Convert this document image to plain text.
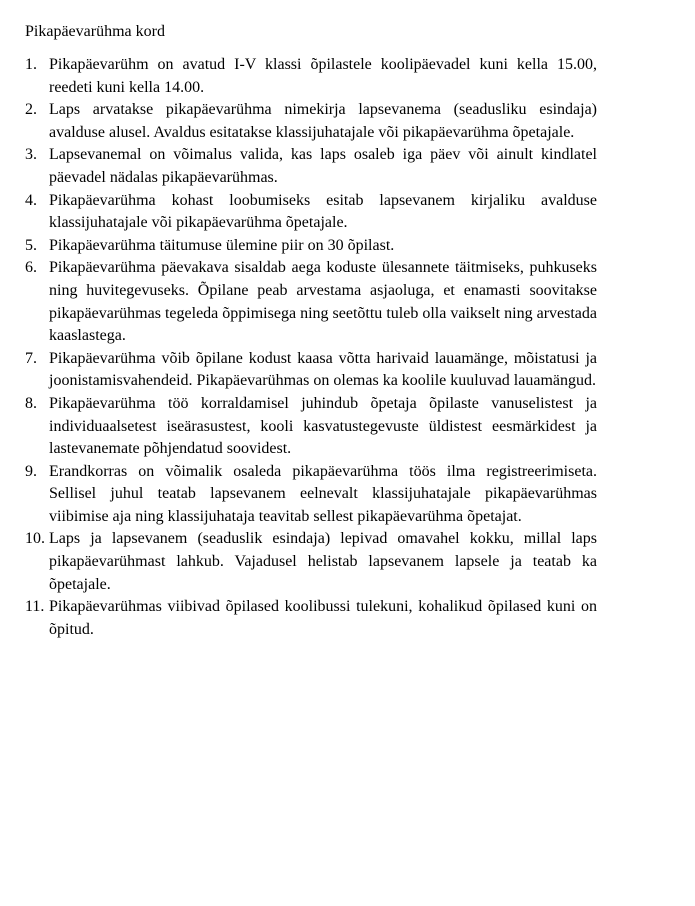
Pikapäevarühma kord
1. Pikapäevarühm on avatud I-V klassi õpilastele koolipäevadel kuni kella 15.00, reedeti kuni kella 14.00.
2. Laps arvatakse pikapäevarühma nimekirja lapsevanema (seadusliku esindaja) avalduse alusel. Avaldus esitatakse klassijuhatajale või pikapäevarühma õpetajale.
3. Lapsevanemal on võimalus valida, kas laps osaleb iga päev või ainult kindlatel päevadel nädalas pikapäevarühmas.
4. Pikapäevarühma kohast loobumiseks esitab lapsevanem kirjaliku avalduse klassijuhatajale või pikapäevarühma õpetajale.
5. Pikapäevarühma täitumuse ülemine piir on 30 õpilast.
6. Pikapäevarühma päevakava sisaldab aega koduste ülesannete täitmiseks, puhkuseks ning huvitegevuseks. Õpilane peab arvestama asjaoluga, et enamasti soovitakse pikapäevarühmas tegeleda õppimisega ning seetõttu tuleb olla vaikselt ning arvestada kaaslastega.
7. Pikapäevarühma võib õpilane kodust kaasa võtta harivaid lauamänge, mõistatusi ja joonistamisvahendeid. Pikapäevarühmas on olemas ka koolile kuuluvad lauamängud.
8. Pikapäevarühma töö korraldamisel juhindub õpetaja õpilaste vanuselistest ja individuaalsetest iseärasustest, kooli kasvatustegevuste üldistest eesmärkidest ja lastevanemate põhjendatud soovidest.
9. Erandkorras on võimalik osaleda pikapäevarühma töös ilma registreerimiseta. Sellisel juhul teatab lapsevanem eelnevalt klassijuhatajale pikapäevarühmas viibimise aja ning klassijuhataja teavitab sellest pikapäevarühma õpetajat.
10. Laps ja lapsevanem (seaduslik esindaja) lepivad omavahel kokku, millal laps pikapäevarühmast lahkub. Vajadusel helistab lapsevanem lapsele ja teatab ka õpetajale.
11. Pikapäevarühmas viibivad õpilased koolibussi tulekuni, kohalikud õpilased kuni on õpitud.
